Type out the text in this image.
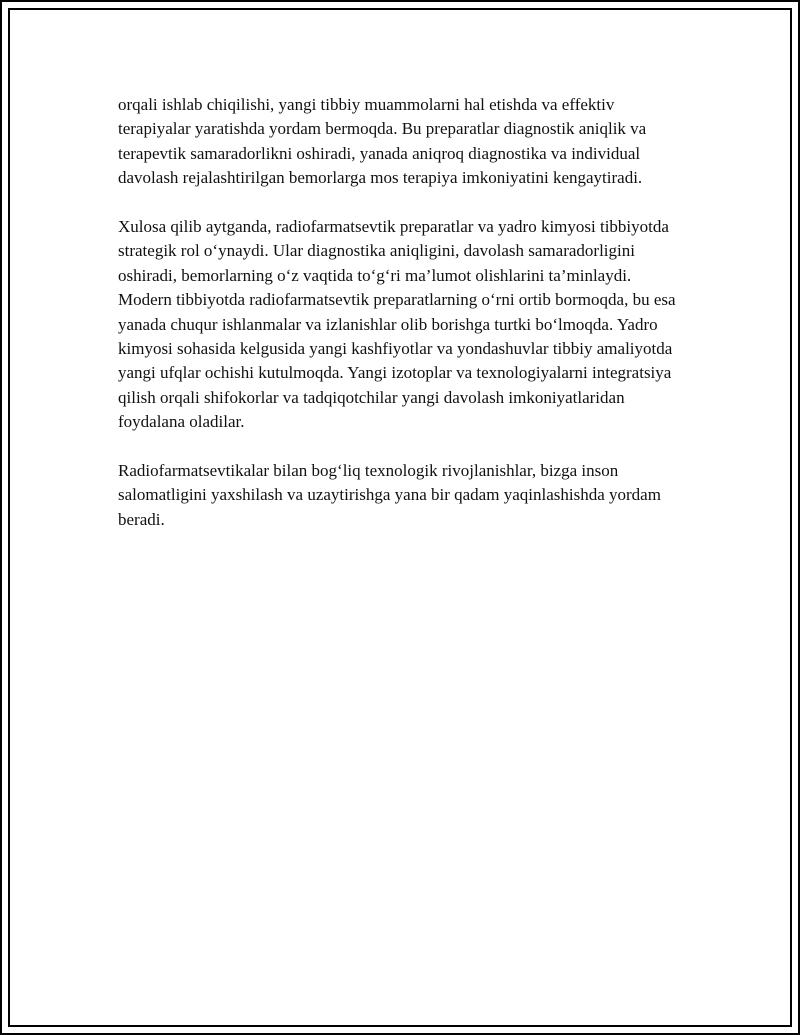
orqali ishlab chiqilishi, yangi tibbiy muammolarni hal etishda va effektiv terapiyalar yaratishda yordam bermoqda. Bu preparatlar diagnostik aniqlik va terapevtik samaradorlikni oshiradi, yanada aniqroq diagnostika va individual davolash rejalashtirilgan bemorlarga mos terapiya imkoniyatini kengaytiradi.

Xulosa qilib aytganda, radiofarmatsevtik preparatlar va yadro kimyosi tibbiyotda strategik rol o‘ynaydi. Ular diagnostika aniqligini, davolash samaradorligini oshiradi, bemorlarning o‘z vaqtida to‘g‘ri ma’lumot olishlarini ta’minlaydi. Modern tibbiyotda radiofarmatsevtik preparatlarning o‘rni ortib bormoqda, bu esa yanada chuqur ishlanmalar va izlanishlar olib borishga turtki bo‘lmoqda. Yadro kimyosi sohasida kelgusida yangi kashfiyotlar va yondashuvlar tibbiy amaliyotda yangi ufqlar ochishi kutulmoqda. Yangi izotoplar va texnologiyalarni integratsiya qilish orqali shifokorlar va tadqiqotchilar yangi davolash imkoniyatlaridan foydalana oladilar.

Radiofarmatsevtikalar bilan bog‘liq texnologik rivojlanishlar, bizga inson salomatligini yaxshilash va uzaytirishga yana bir qadam yaqinlashishda yordam beradi.
